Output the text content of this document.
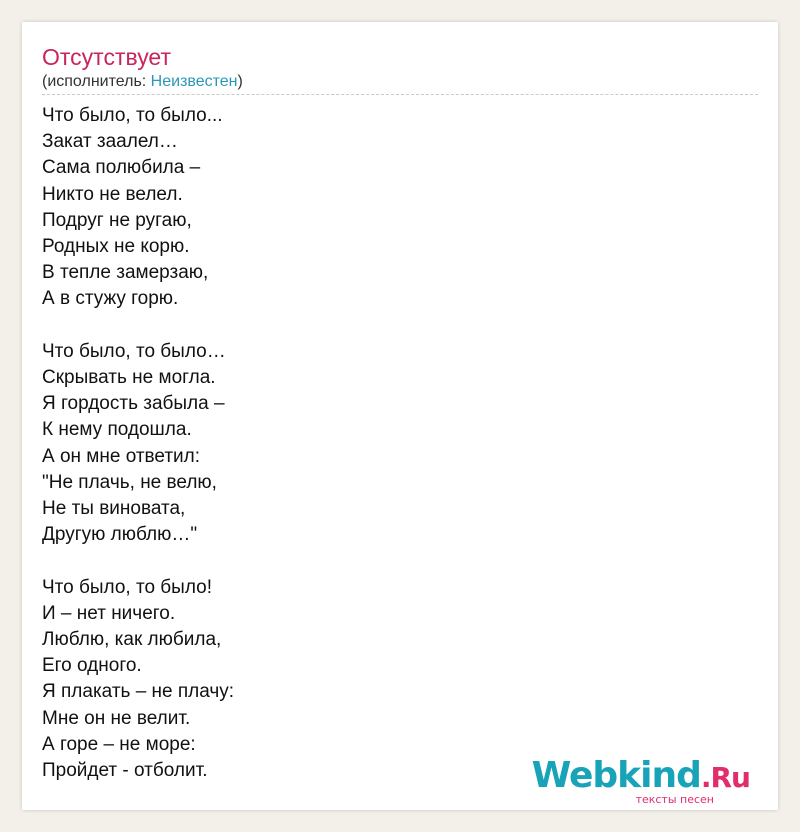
Отсутствует
(исполнитель: Неизвестен)
Что было, то было...
Закат заалел…
Сама полюбила –
Никто не велел.
Подруг не ругаю,
Родных не корю.
В тепле замерзаю,
А в стужу горю.
Что было, то было…
Скрывать не могла.
Я гордость забыла –
К нему подошла.
А он мне ответил:
"Не плачь, не велю,
Не ты виновата,
Другую люблю…"
Что было, то было!
И – нет ничего.
Люблю, как любила,
Его одного.
Я плакать – не плачу:
Мне он не велит.
А горе – не море:
Пройдет - отболит.	Webkind.Ru
тексты песен
